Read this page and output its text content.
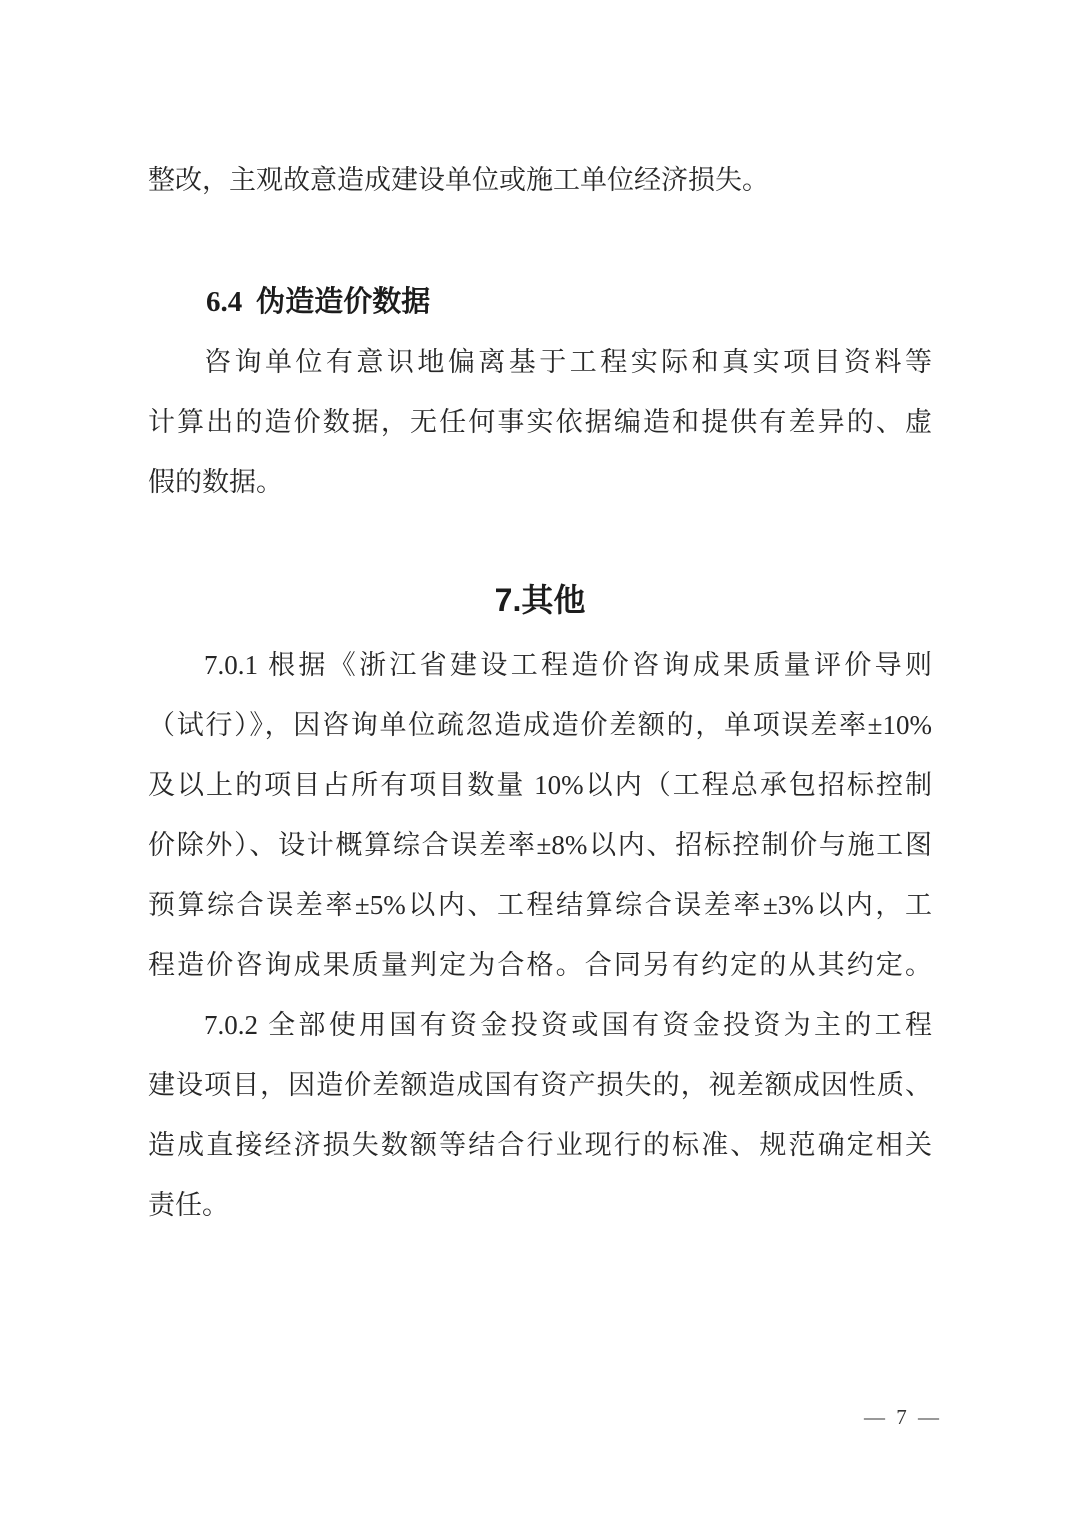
整改，主观故意造成建设单位或施工单位经济损失。
6.4 伪造造价数据
咨询单位有意识地偏离基于工程实际和真实项目资料等
计算出的造价数据，无任何事实依据编造和提供有差异的、虚
假的数据。
7.其他
7.0.1 根据《浙江省建设工程造价咨询成果质量评价导则
（试行）》，因咨询单位疏忽造成造价差额的，单项误差率±10%
及以上的项目占所有项目数量 10%以内（工程总承包招标控制
价除外）、设计概算综合误差率±8%以内、招标控制价与施工图
预算综合误差率±5%以内、工程结算综合误差率±3%以内，工
程造价咨询成果质量判定为合格。合同另有约定的从其约定。
7.0.2 全部使用国有资金投资或国有资金投资为主的工程
建设项目，因造价差额造成国有资产损失的，视差额成因性质、
造成直接经济损失数额等结合行业现行的标准、规范确定相关
责任。
— 7 —
